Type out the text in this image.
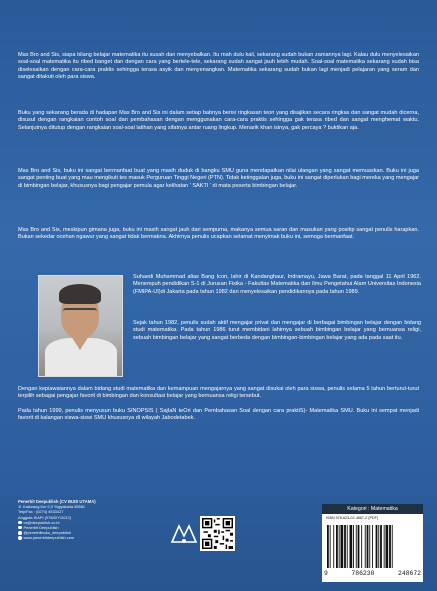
Mas Bro and Sis, siapa bilang belajar matematika itu susah dan menyebalkan. Itu mah dulu kali, sekarang sudah bukan zamannya lagi. Kalau dulu menyelesaikan soal-soal matematika itu ribed banget dan dengan cara yang bertele-tele, sekarang sudah sangat jauh lebih mudah. Soal-soal matematika sekarang sudah bisa diselesaikan dengan cara-cara praktis sehingga terasa asyik dan menyenangkan. Matematika sekarang sudah bukan lagi menjadi pelajaran yang seram dan sangat ditakuti oleh para siswa.

Buku yang sekarang berada di hadapan Mas Bro and Sis ini dalam setiap babnya berisi ringkasan teori yang disajikan secara ringkas dan sangat mudah dicerna, disusul dengan rangkaian contoh soal dan pembahasan dengan menggunakan cara-cara praktis sehingga gak terasa ribed dan sangat menghemat waktu. Selanjutnya ditutup dengan rangkaian soal-soal latihan yang sifatnya antar ruang lingkup. Menarik khan isinya, gak percaya ? buktikan aja.

Mas Bro and Sis, buku ini sangat bermanfaat buat yang masih duduk di bangku SMU guna mendapatkan nilai ulangan yang sangat memuaskan. Buku ini juga sangat penting buat yang mau mengikuti tes masuk Perguruan Tinggi Negeri (PTN). Tidak ketinggalan juga, buku ini sangat diperlukan bagi mereka yang mengajar di bimbingan belajar, khususnya bagi pengajar pemula agar kelihatan ' SAKTI ' di mata peserta bimbingan belajar.

Mas Bro and Sis, meskipun gimana juga, buku ini masih sangat jauh dari sempurna, makanya semua saran dan masukan yang positip sangat penulis harapkan. Bukan sekedar ocehan ngawur yang sangat tidak bermakna. Akhirnya penulis ucapkan selamat menyimak buku ini, semoga bermanfaat.

Suhaedi Muhammad alias Bang Icon, lahir di Kandanghaur, Indramayu, Jawa Barat, pada tanggal 11 April 1962. Menempuh pendidikan S-1 di Jurusan Fisika - Fakultas Matematika dan Ilmu Pengetahui Alam Universitas Indonesia (FMIPA-UI)di Jakarta pada tahun 1982 dan menyelesaikan pendidikannya pada tahun 1989.

Sejak tahun 1982, penulis sudah aktif mengajar privat dan mengajar di berbagai bimbingan belajar dengan bidang studi matematika. Pada tahun 1986 turut membidani lahirnya sebuah bimbingan belajar yang bernuansa religi, sebuah bimbingan belajar yang sangat berbeda dengan bimbingan-bimbingan belajar yang ada pada saat itu.

Dengan kepiawaiannya dalam bidang studi matematika dan kemampuan mengajarnya yang sangat disukai oleh para siswa, penulis selama 5 tahun berturut-turut terpilih sebagai pengajar favorit di bimbingan dan konsultasi belajar yang bernuansa religi tersebut.

Pada tahun 1999, penulis menyusun buku SINOPSIS ( SajIaN teOri dan Pembahasan Soal dengan cara praktiS)- Matematika SMU. Buku ini sempat menjadi favorit di kalangan siswa-siswi SMU khususnya di wilayah Jabodetabek.

Penerbit Deepublish (CV BUDI UTAMA)
Jl. Kaliurang Km 9,3 Yogyakarta 55581
Telp/Fax : (0274) 4533427
Anggota IKAPI (076/DIY/2012)
cs@deepublish.co.id
Penerbit Deepublish
@penerbitbuku_deepublish
www.penerbitdeepublish.com
Kategori : Matematika
ISBN 978-623-02-4867-2 (PDF)
9	786230	248672
